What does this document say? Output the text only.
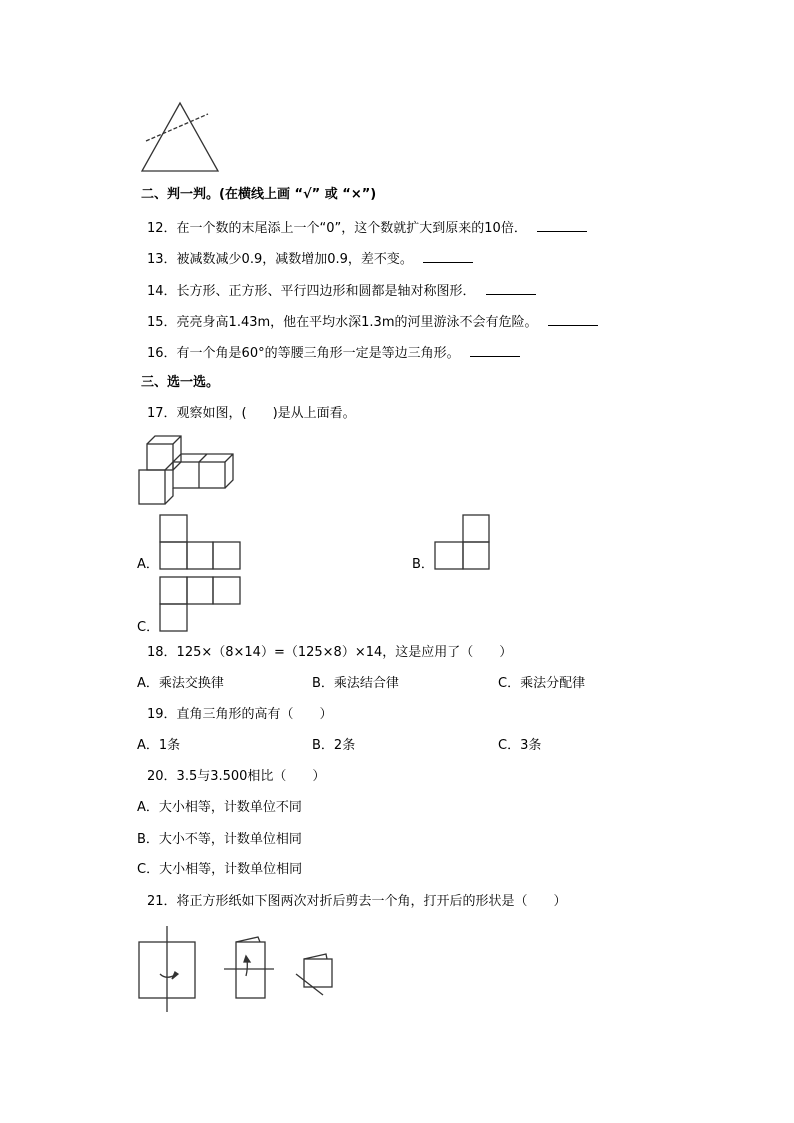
二、判一判。(在横线上画 “√” 或 “×”)
12．在一个数的末尾添上一个“0”，这个数就扩大到原来的10倍．
13．被减数减少0.9，减数增加0.9，差不变。
14．长方形、正方形、平行四边形和圆都是轴对称图形．
15．亮亮身高1.43m，他在平均水深1.3m的河里游泳不会有危险。
16．有一个角是60°的等腰三角形一定是等边三角形。
三、选一选。
17．观察如图，(　　)是从上面看。
A．	B．
C．
18．125×（8×14）=（125×8）×14，这是应用了（　　）
A．乘法交换律	B．乘法结合律	C．乘法分配律
19．直角三角形的高有（　　）
A．1条	B．2条	C．3条
20．3.5与3.500相比（　　）
A．大小相等，计数单位不同
B．大小不等，计数单位相同
C．大小相等，计数单位相同
21．将正方形纸如下图两次对折后剪去一个角，打开后的形状是（　　）
